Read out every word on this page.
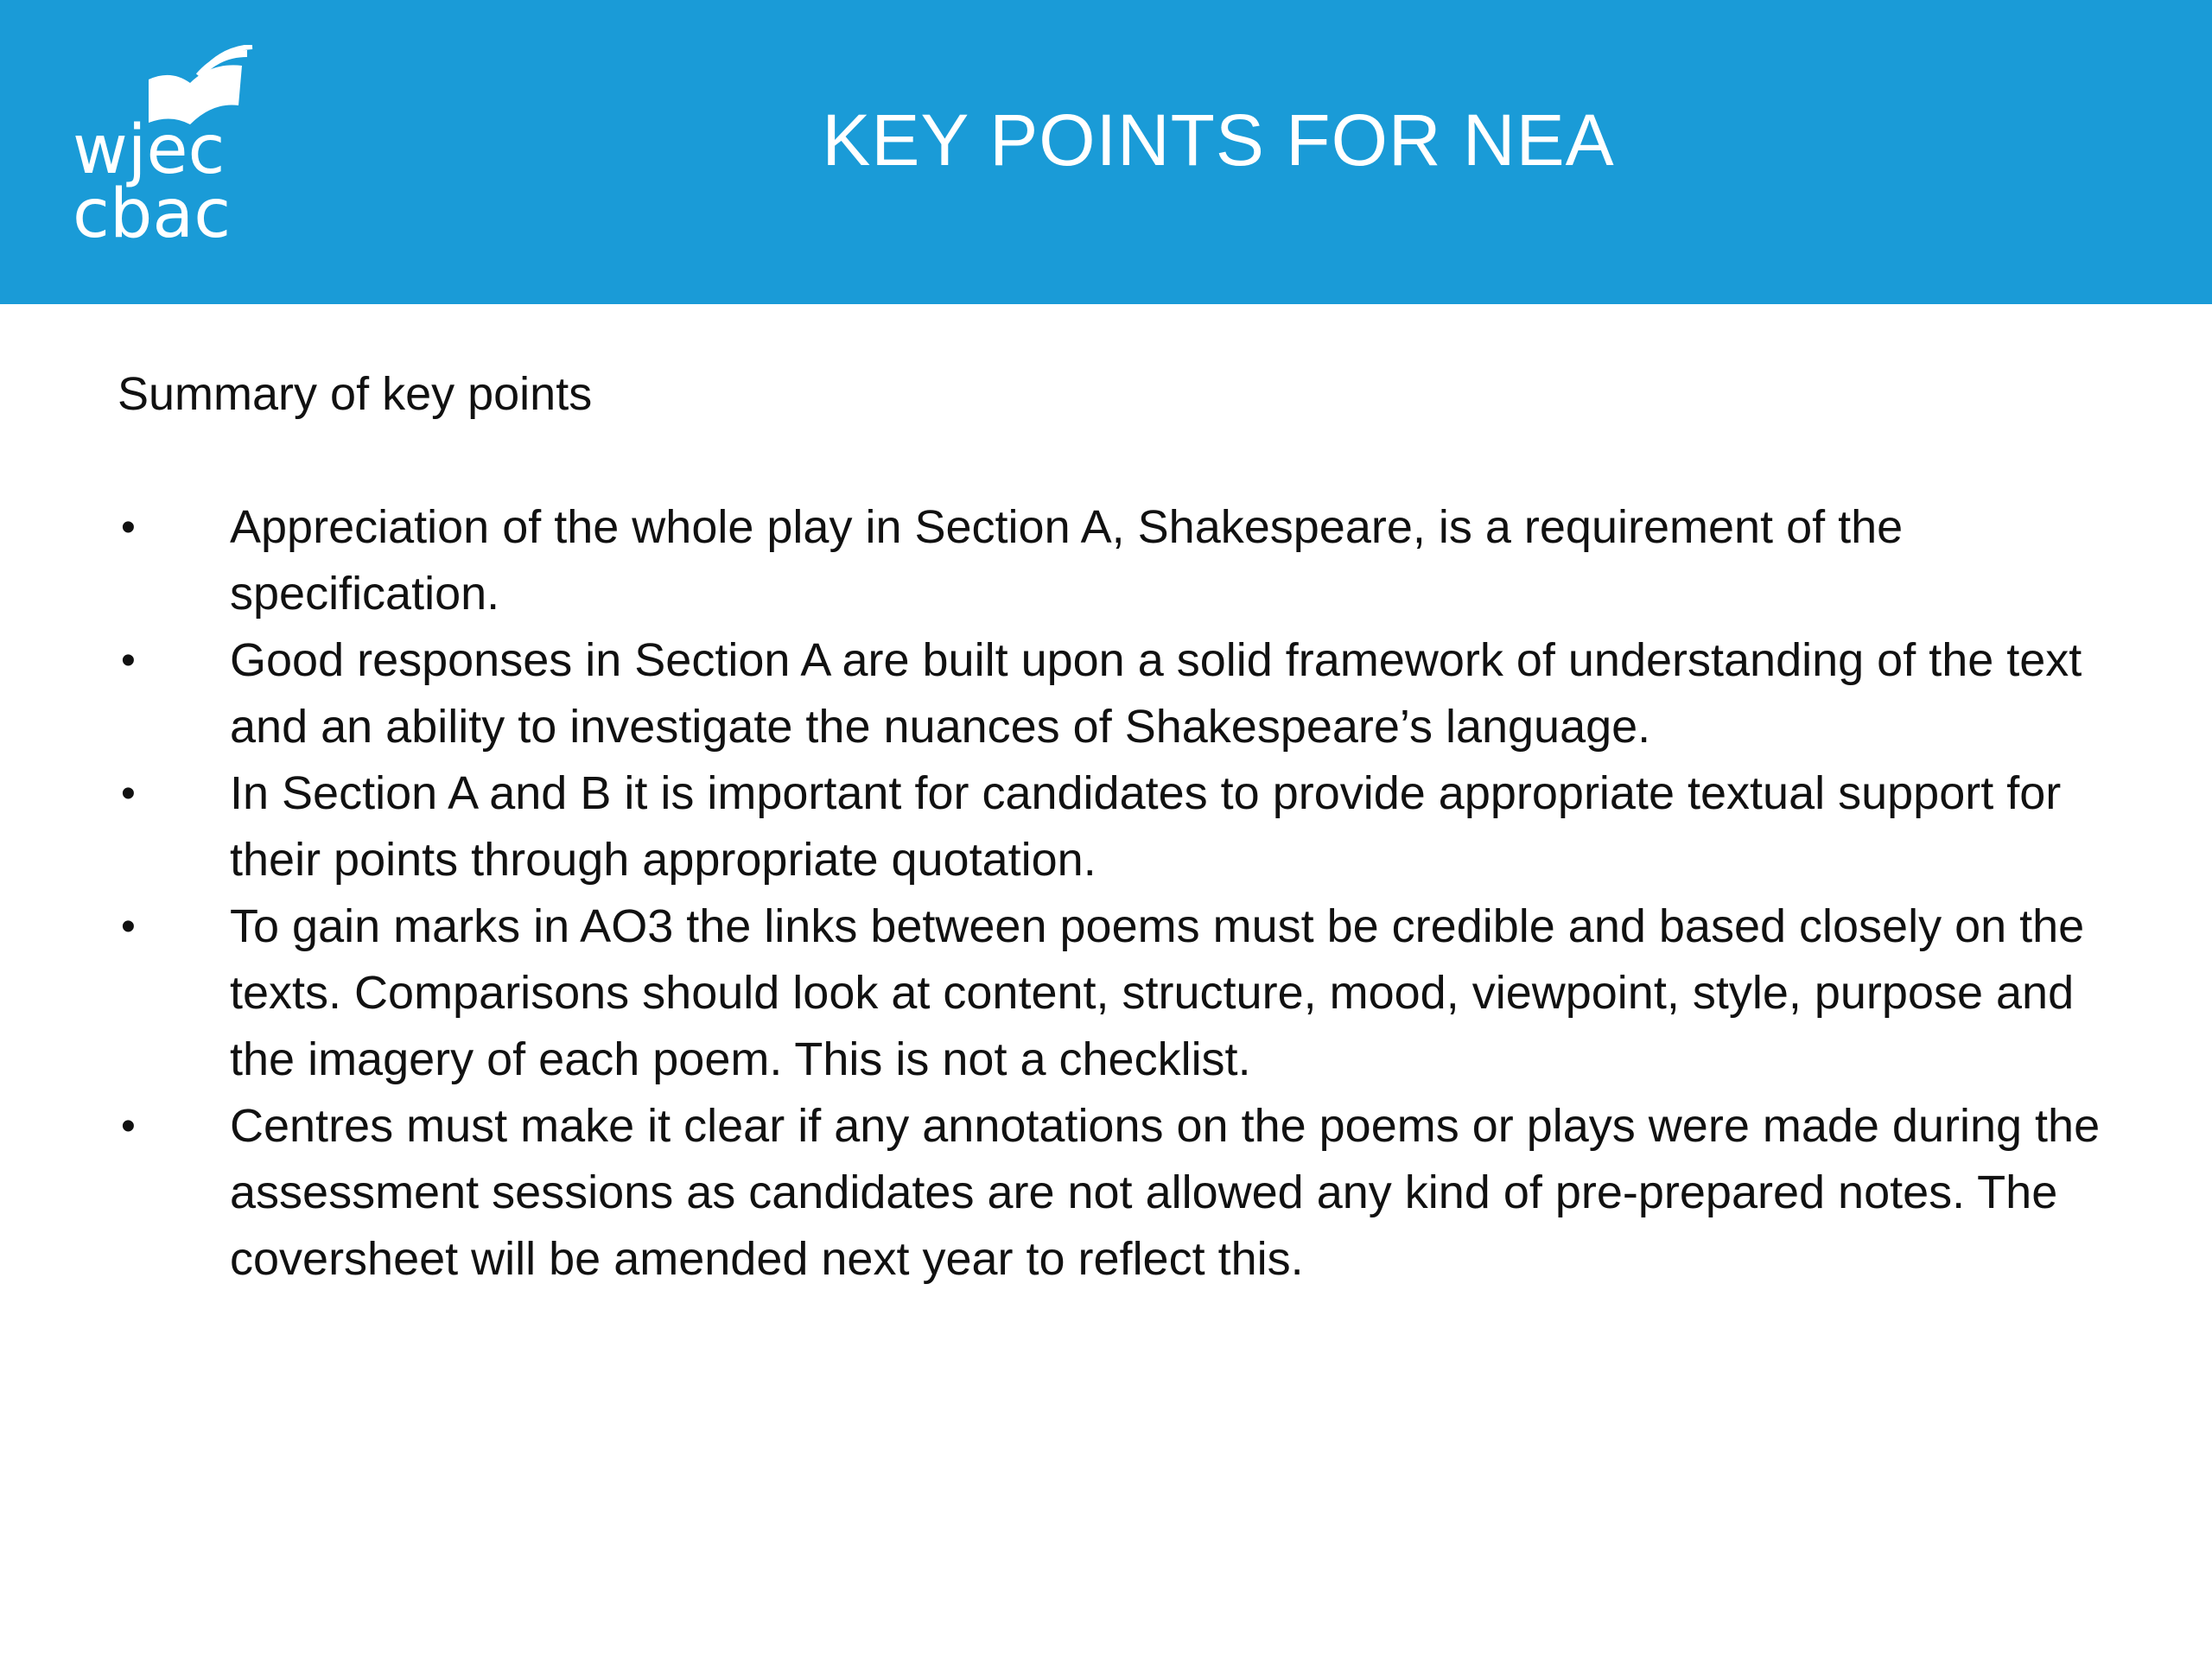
wjec
cbac
KEY POINTS FOR NEA

Summary of key points

•	Appreciation of the whole play in Section A, Shakespeare, is a requirement of the specification.
•	Good responses in Section A are built upon a solid framework of understanding of the text and an ability to investigate the nuances of Shakespeare’s language.
•	In Section A and B it is important for candidates to provide appropriate textual support for their points through appropriate quotation.
•	To gain marks in AO3 the links between poems must be credible and based closely on the texts. Comparisons should look at content, structure, mood, viewpoint, style, purpose and the imagery of each poem. This is not a checklist.
•	Centres must make it clear if any annotations on the poems or plays were made during the assessment sessions as candidates are not allowed any kind of pre-prepared notes. The coversheet will be amended next year to reflect this.
